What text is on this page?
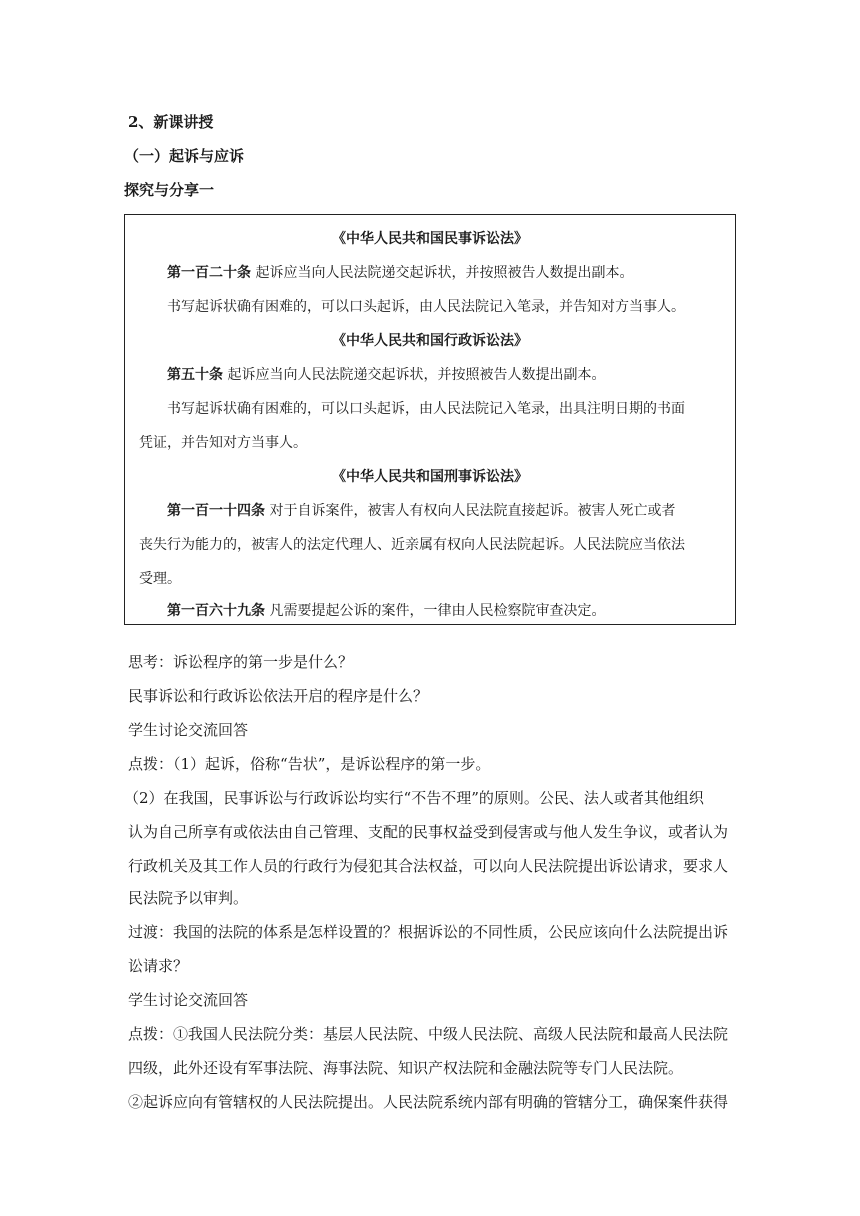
2、新课讲授
（一）起诉与应诉
探究与分享一
《中华人民共和国民事诉讼法》
第一百二十条 起诉应当向人民法院递交起诉状，并按照被告人数提出副本。
书写起诉状确有困难的，可以口头起诉，由人民法院记入笔录，并告知对方当事人。
《中华人民共和国行政诉讼法》
第五十条 起诉应当向人民法院递交起诉状，并按照被告人数提出副本。
书写起诉状确有困难的，可以口头起诉，由人民法院记入笔录，出具注明日期的书面
凭证，并告知对方当事人。
《中华人民共和国刑事诉讼法》
第一百一十四条 对于自诉案件，被害人有权向人民法院直接起诉。被害人死亡或者
丧失行为能力的，被害人的法定代理人、近亲属有权向人民法院起诉。人民法院应当依法
受理。
第一百六十九条 凡需要提起公诉的案件，一律由人民检察院审查决定。
思考：诉讼程序的第一步是什么？
民事诉讼和行政诉讼依法开启的程序是什么？
学生讨论交流回答
点拨：（1）起诉，俗称“告状”，是诉讼程序的第一步。
（2）在我国，民事诉讼与行政诉讼均实行“不告不理”的原则。公民、法人或者其他组织
认为自己所享有或依法由自己管理、支配的民事权益受到侵害或与他人发生争议，或者认为
行政机关及其工作人员的行政行为侵犯其合法权益，可以向人民法院提出诉讼请求，要求人
民法院予以审判。
过渡：我国的法院的体系是怎样设置的？根据诉讼的不同性质，公民应该向什么法院提出诉
讼请求？
学生讨论交流回答
点拨：①我国人民法院分类：基层人民法院、中级人民法院、高级人民法院和最高人民法院
四级，此外还设有军事法院、海事法院、知识产权法院和金融法院等专门人民法院。
②起诉应向有管辖权的人民法院提出。人民法院系统内部有明确的管辖分工，确保案件获得
